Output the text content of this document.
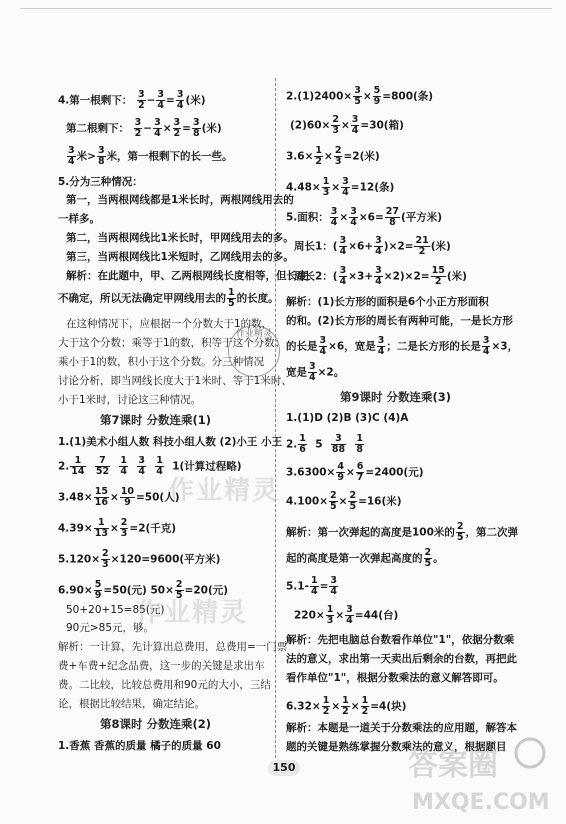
4.第一根剩下： $\frac{3}{2} - \frac{3}{4} = \frac{3}{4}$ (米)
第二根剩下： $\frac{3}{2} - \frac{3}{4} \times \frac{3}{2} = \frac{3}{8}$ (米)
$\frac{3}{4}$ 米> $\frac{3}{8}$ 米，第一根剩下的长一些。
5.分为三种情况：
第一，当两根网线都是1米长时，两根网线用去的
一样多。
第二，当两根网线比1米长时，甲网线用去的多。
第三，当两根网线比1米短时，乙网线用去的多。
解析：在此题中，甲、乙两根网线长度相等，但长度
不确定，所以无法确定甲网线用去的 $\frac{1}{5}$ 的长度。
在这种情况下，应根据一个分数大于1的数，
大于这个分数；乘等于1的数，积等于这个分数；
乘小于1的数，积小于这个分数。分三种情况
讨论分析，即当网线长度大于1米时、等于1米时、
小于1米时，讨论这三种情况。
第7课时 分数连乘(1)
1.(1)美术小组人数 科技小组人数 (2)小王 小王
2. $\frac{1}{14}$
$\frac{7}{52}$
$\frac{1}{4}$
$\frac{3}{4}$
$\frac{1}{4} 1$(计算过程略)
$3.48\times \frac{15}{16} \times \frac{10}{9} =50$(人)
$4.39\times \frac{1}{13} \times \frac{2}{3} =2$(千克)
$5.120\times \frac{2}{3} \times 120=9600$(平方米)
$6.90\times \frac{5}{9} =50$(元) $50\times \frac{2}{5} =20$(元)
50+20+15=85(元)
90元>85元，够。
解析：一计算，先计算出总费用，总费用=一门票
费+车费+纪念品费，这一步的关键是求出车
费。二比较，比较总费用和90元的大小，三结
论，根据比较结果，确定结论。
第8课时 分数连乘(2)
1.香蕉 香蕉的质量 橘子的质量 60
$2.(1)2400\times \frac{3}{5} \times \frac{5}{9} =800$(条)
$(2)60\times \frac{2}{3} \times \frac{3}{4} =30$(箱)
$3.6\times \frac{1}{2} \times \frac{2}{3} =2$(米)
$4.48\times \frac{1}{3} \times \frac{3}{4} =12$(条)
5.面积： $\frac{3}{4} \times \frac{3}{4} \times 6= \frac{27}{8}$ (平方米)
周长1：( $\frac{3}{4} \times 6+ \frac{3}{4} )\times 2= \frac{21}{2}$ (米)
周长2：( $\frac{3}{4} \times 3+ \frac{3}{4} \times 2)\times 2= \frac{15}{2}$ (米)
解析：(1)长方形的面积是6个小正方形面积
的和。(2)长方形的周长有两种可能，一是长方形
的长是 $\frac{3}{4} \times 6$，宽是 $\frac{3}{4}$ ；二是长方形的长是 $\frac{3}{4} \times 3$，
宽是 $\frac{3}{4} \times 2$。
第9课时 分数连乘(3)
1.(1)D (2)B (3)C (4)A
2. $\frac{1}{6} 5 \frac{3}{88}$
$\frac{1}{8}$
$3.6300\times \frac{4}{9} \times \frac{6}{7} =2400$(元)
$4.100\times \frac{2}{5} \times \frac{2}{5} =16$(米)
解析：第一次弹起的高度是100米的 $\frac{2}{5}$ ，第二次弹
起的高度是第一次弹起高度的 $\frac{2}{5}$ 。
$5.1- \frac{1}{4} = \frac{3}{4}$
$220\times \frac{1}{3} \times \frac{3}{4} =44$(台)
解析：先把电脑总台数看作单位"1"，依据分数乘
法的意义，求出第一天卖出后剩余的台数，再把此
看作单位"1"，根据分数乘法的意义解答即可。
$6.32\times \frac{1}{2} \times \frac{1}{2} \times \frac{1}{2} =4$(块)
解析：本题是一道关于分数乘法的应用题，解答本
题的关键是熟练掌握分数乘法的意义，根据题目
作业精灵
作业精灵
作业精灵
150	答案圈
MXQE.COM
